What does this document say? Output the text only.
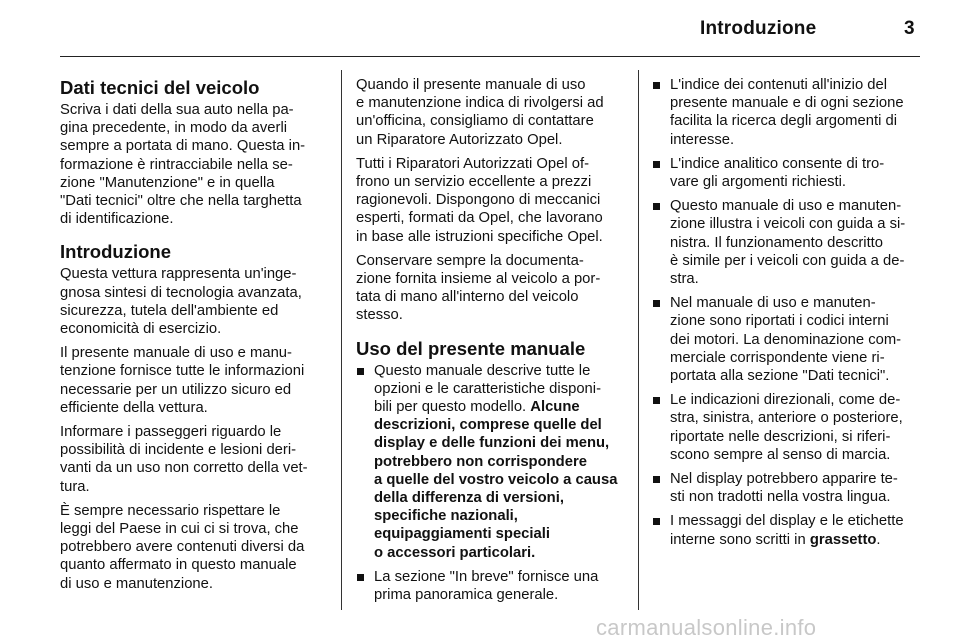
Introduzione	3
Dati tecnici del veicolo

Scriva i dati della sua auto nella pa-
gina precedente, in modo da averli
sempre a portata di mano. Questa in-
formazione è rintracciabile nella se-
zione "Manutenzione" e in quella
"Dati tecnici" oltre che nella targhetta
di identificazione.

Introduzione

Questa vettura rappresenta un'inge-
gnosa sintesi di tecnologia avanzata,
sicurezza, tutela dell'ambiente ed
economicità di esercizio.

Il presente manuale di uso e manu-
tenzione fornisce tutte le informazioni
necessarie per un utilizzo sicuro ed
efficiente della vettura.

Informare i passeggeri riguardo le
possibilità di incidente e lesioni deri-
vanti da un uso non corretto della vet-
tura.

È sempre necessario rispettare le
leggi del Paese in cui ci si trova, che
potrebbero avere contenuti diversi da
quanto affermato in questo manuale
di uso e manutenzione.

Quando il presente manuale di uso
e manutenzione indica di rivolgersi ad
un'officina, consigliamo di contattare
un Riparatore Autorizzato Opel.

Tutti i Riparatori Autorizzati Opel of-
frono un servizio eccellente a prezzi
ragionevoli. Dispongono di meccanici
esperti, formati da Opel, che lavorano
in base alle istruzioni specifiche Opel.

Conservare sempre la documenta-
zione fornita insieme al veicolo a por-
tata di mano all'interno del veicolo
stesso.

Uso del presente manuale
Questo manuale descrive tutte le
opzioni e le caratteristiche disponi-
bili per questo modello. Alcune
descrizioni, comprese quelle del
display e delle funzioni dei menu,
potrebbero non corrispondere
a quelle del vostro veicolo a causa
della differenza di versioni,
specifiche nazionali,
equipaggiamenti speciali
o accessori particolari.
La sezione "In breve" fornisce una
prima panoramica generale.
L'indice dei contenuti all'inizio del
presente manuale e di ogni sezione
facilita la ricerca degli argomenti di
interesse.
L'indice analitico consente di tro-
vare gli argomenti richiesti.
Questo manuale di uso e manuten-
zione illustra i veicoli con guida a si-
nistra. Il funzionamento descritto
è simile per i veicoli con guida a de-
stra.
Nel manuale di uso e manuten-
zione sono riportati i codici interni
dei motori. La denominazione com-
merciale corrispondente viene ri-
portata alla sezione "Dati tecnici".
Le indicazioni direzionali, come de-
stra, sinistra, anteriore o posteriore,
riportate nelle descrizioni, si riferi-
scono sempre al senso di marcia.
Nel display potrebbero apparire te-
sti non tradotti nella vostra lingua.
I messaggi del display e le etichette
interne sono scritti in grassetto.
carmanualsonline.info
